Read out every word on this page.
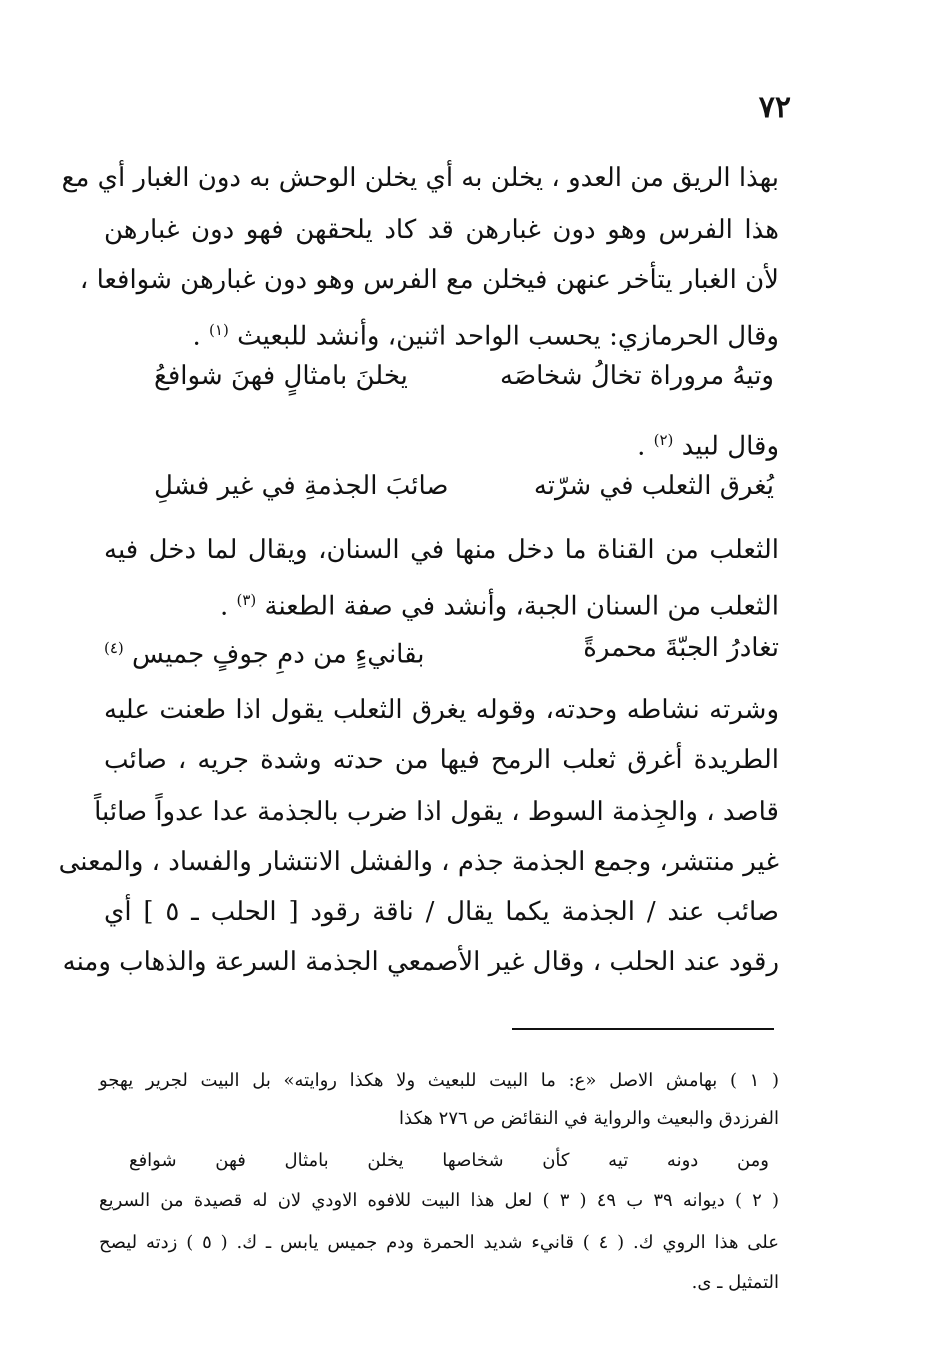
٧٢
بهذا الريق من العدو ، يخلن به أي يخلن الوحش به دون الغبار أي مع
هذا الفرس وهو دون غبارهن قد كاد يلحقهن فهو دون غبارهن
لأن الغبار يتأخر عنهن فيخلن مع الفرس وهو دون غبارهن شوافعا ،
وقال الحرمازي: يحسب الواحد اثنين، وأنشد للبعيث $^{(١)}$ .
وتيهُ مروراة تخالُ شخاصَه
يخلنَ بامثالٍ فهنَ شوافعُ
وقال لبيد $^{(٢)}$ .
يُغرق الثعلب في شرّته
صائبَ الجذمةِ في غير فشلِ
الثعلب من القناة ما دخل منها في السنان، ويقال لما دخل فيه
الثعلب من السنان الجبة، وأنشد في صفة الطعنة $^{(٣)}$ .
تغادرُ الجبّةَ محمرةً
بقانيءٍ من دمِ جوفٍ جميس $^{(٤)}$
وشرته نشاطه وحدته، وقوله يغرق الثعلب يقول اذا طعنت عليه
الطريدة أغرق ثعلب الرمح فيها من حدته وشدة جريه ، صائب
قاصد ، والجِذمة السوط ، يقول اذا ضرب بالجذمة عدا عدواً صائباً
غير منتشر، وجمع الجذمة جذم ، والفشل الانتشار والفساد ، والمعنى
صائب عند / الجذمة يكما يقال / ناقة رقود [ الحلب ـ ٥ ] أي
رقود عند الحلب ، وقال غير الأصمعي الجذمة السرعة والذهاب ومنه
( ١ ) بهامش الاصل «ع: ما البيت للبعيث ولا هكذا روايته» بل البيت لجرير يهجو
الفرزدق والبعيث والرواية في النقائض ص ٢٧٦ هكذا
ومن دونه تيه كأن شخاصها يخلن بامثال فهن شوافع
( ٢ ) ديوانه ٣٩ ب ٤٩ ( ٣ ) لعل هذا البيت للافوه الاودي لان له قصيدة من السريع
على هذا الروي ك. ( ٤ ) قانيء شديد الحمرة ودم جميس يابس ـ ك. ( ٥ ) زدته ليصح
التمثيل ـ ى.
